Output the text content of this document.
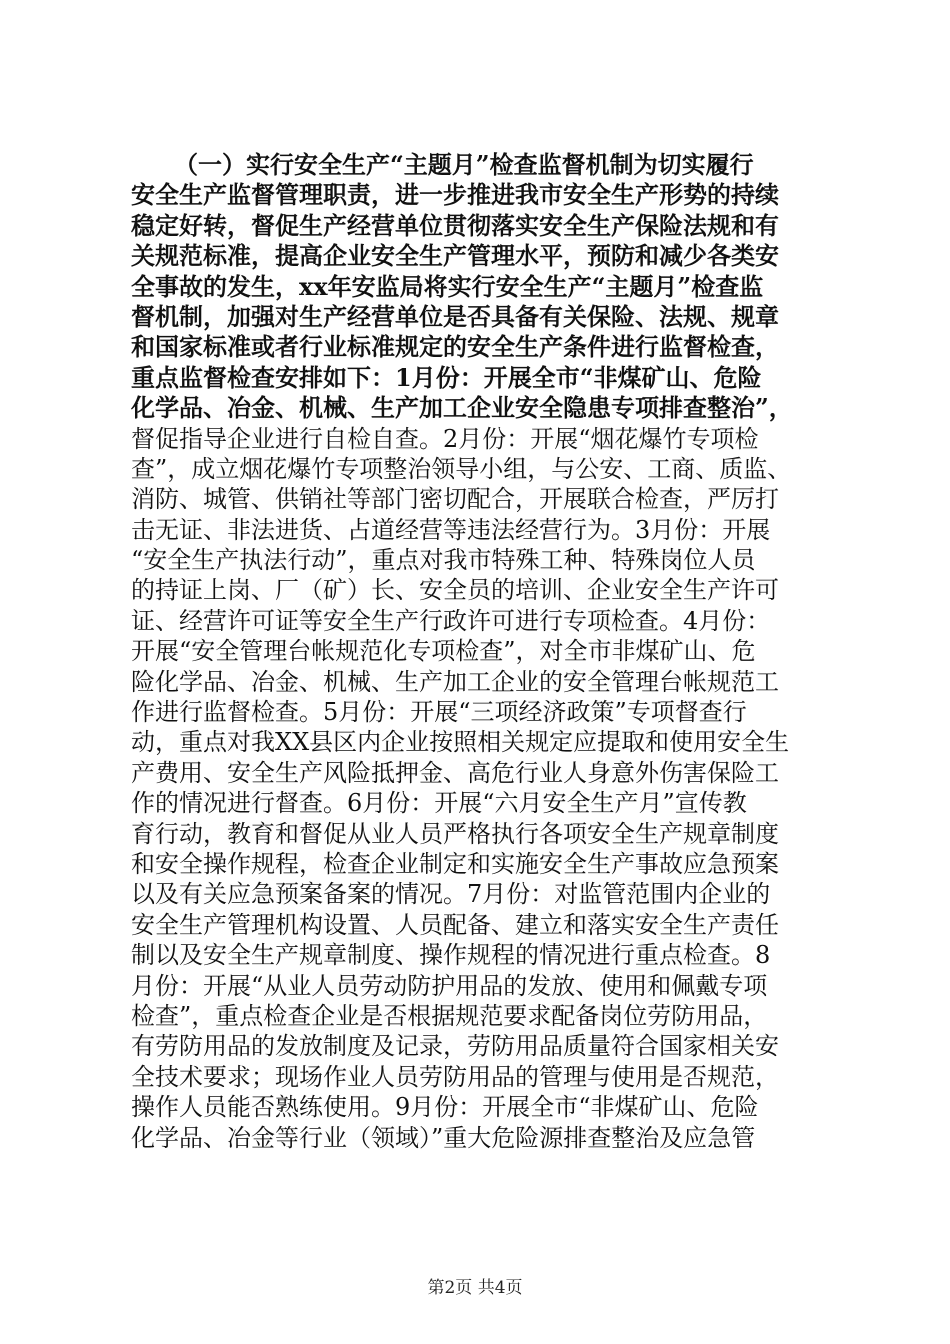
（一）实行安全生产“主题月”检查监督机制为切实履行
安全生产监督管理职责，进一步推进我市安全生产形势的持续
稳定好转，督促生产经营单位贯彻落实安全生产保险法规和有
关规范标准，提高企业安全生产管理水平，预防和减少各类安
全事故的发生，xx年安监局将实行安全生产“主题月”检查监
督机制，加强对生产经营单位是否具备有关保险、法规、规章
和国家标准或者行业标准规定的安全生产条件进行监督检查，
重点监督检查安排如下：1月份：开展全市“非煤矿山、危险
化学品、冶金、机械、生产加工企业安全隐患专项排查整治”，
督促指导企业进行自检自查。2月份：开展“烟花爆竹专项检
查”，成立烟花爆竹专项整治领导小组，与公安、工商、质监、
消防、城管、供销社等部门密切配合，开展联合检查，严厉打
击无证、非法进货、占道经营等违法经营行为。3月份：开展
“安全生产执法行动”，重点对我市特殊工种、特殊岗位人员
的持证上岗、厂（矿）长、安全员的培训、企业安全生产许可
证、经营许可证等安全生产行政许可进行专项检查。4月份：
开展“安全管理台帐规范化专项检查”，对全市非煤矿山、危
险化学品、冶金、机械、生产加工企业的安全管理台帐规范工
作进行监督检查。5月份：开展“三项经济政策”专项督查行
动，重点对我XX县区内企业按照相关规定应提取和使用安全生
产费用、安全生产风险抵押金、高危行业人身意外伤害保险工
作的情况进行督查。6月份：开展“六月安全生产月”宣传教
育行动，教育和督促从业人员严格执行各项安全生产规章制度
和安全操作规程，检查企业制定和实施安全生产事故应急预案
以及有关应急预案备案的情况。7月份：对监管范围内企业的
安全生产管理机构设置、人员配备、建立和落实安全生产责任
制以及安全生产规章制度、操作规程的情况进行重点检查。8
月份：开展“从业人员劳动防护用品的发放、使用和佩戴专项
检查”，重点检查企业是否根据规范要求配备岗位劳防用品，
有劳防用品的发放制度及记录，劳防用品质量符合国家相关安
全技术要求；现场作业人员劳防用品的管理与使用是否规范，
操作人员能否熟练使用。9月份：开展全市“非煤矿山、危险
化学品、冶金等行业（领域）”重大危险源排查整治及应急管
第2页 共4页
